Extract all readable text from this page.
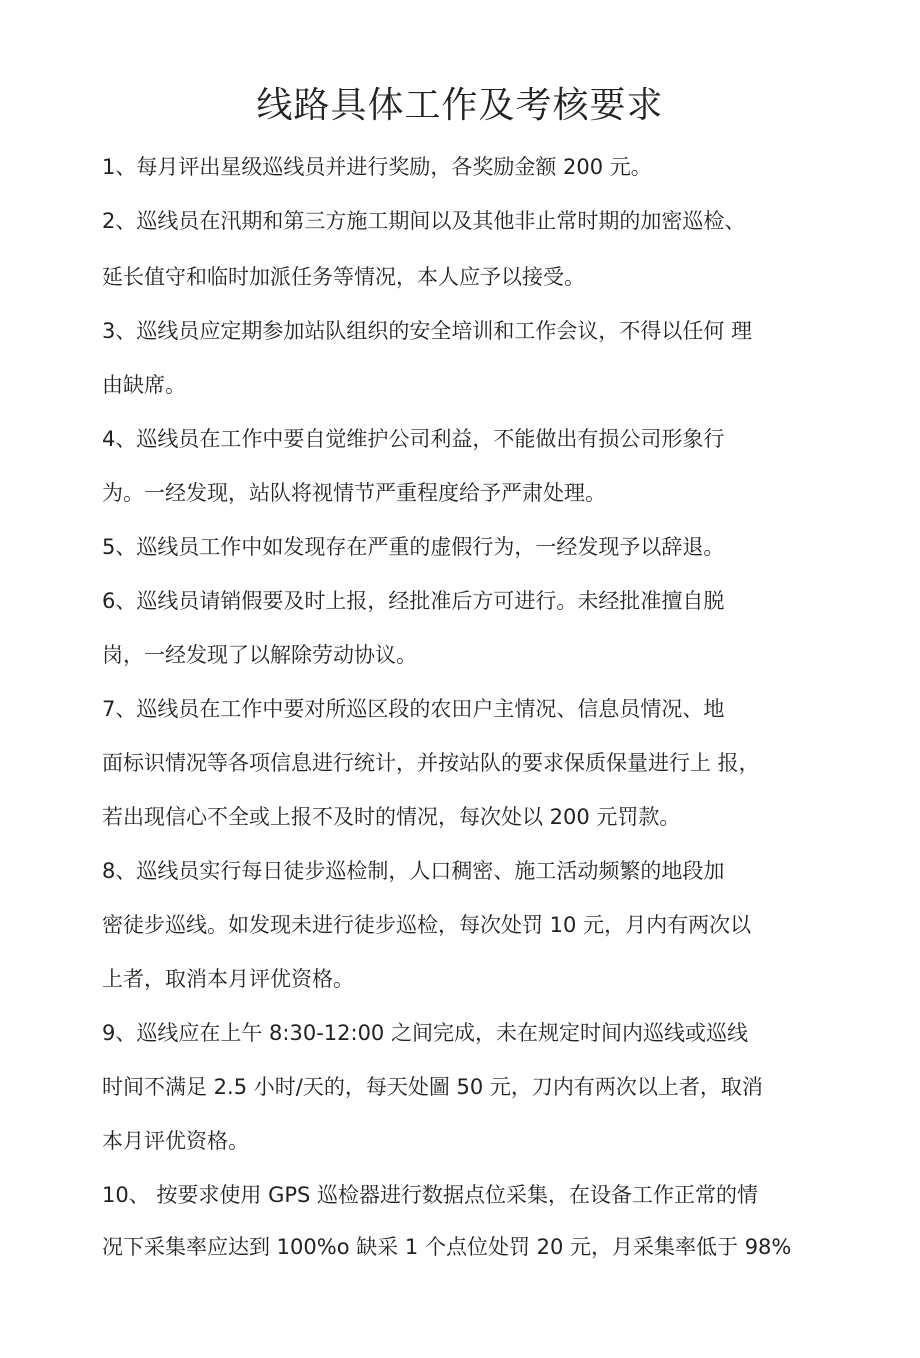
线路具体工作及考核要求
1、每月评出星级巡线员并进行奖励，各奖励金额 200 元。
2、巡线员在汛期和第三方施工期间以及其他非止常时期的加密巡检、
延长值守和临时加派任务等情况，本人应予以接受。
3、巡线员应定期参加站队组织的安全培训和工作会议，不得以任何 理
由缺席。
4、巡线员在工作中要自觉维护公司利益，不能做出有损公司形象行
为。一经发现，站队将视情节严重程度给予严肃处理。
5、巡线员工作中如发现存在严重的虚假行为，一经发现予以辞退。
6、巡线员请销假要及时上报，经批准后方可进行。未经批准擅自脱
岗，一经发现了以解除劳动协议。
7、巡线员在工作中要对所巡区段的农田户主情况、信息员情况、地
面标识情况等各项信息进行统计，并按站队的要求保质保量进行上 报，
若出现信心不全或上报不及时的情况，每次处以 200 元罚款。
8、巡线员实行每日徒步巡检制，人口稠密、施工活动频繁的地段加
密徒步巡线。如发现未进行徒步巡检，每次处罚 10 元，月内有两次以
上者，取消本月评优资格。
9、巡线应在上午 8:30-12:00 之间完成，未在规定时间内巡线或巡线
时间不满足 2.5 小时/天的，每天处圖 50 元，刀内有两次以上者，取消
本月评优资格。
10、 按要求使用 GPS 巡检器进行数据点位采集，在设备工作正常的情
况下采集率应达到 100%o 缺采 1 个点位处罚 20 元，月采集率低于 98%
